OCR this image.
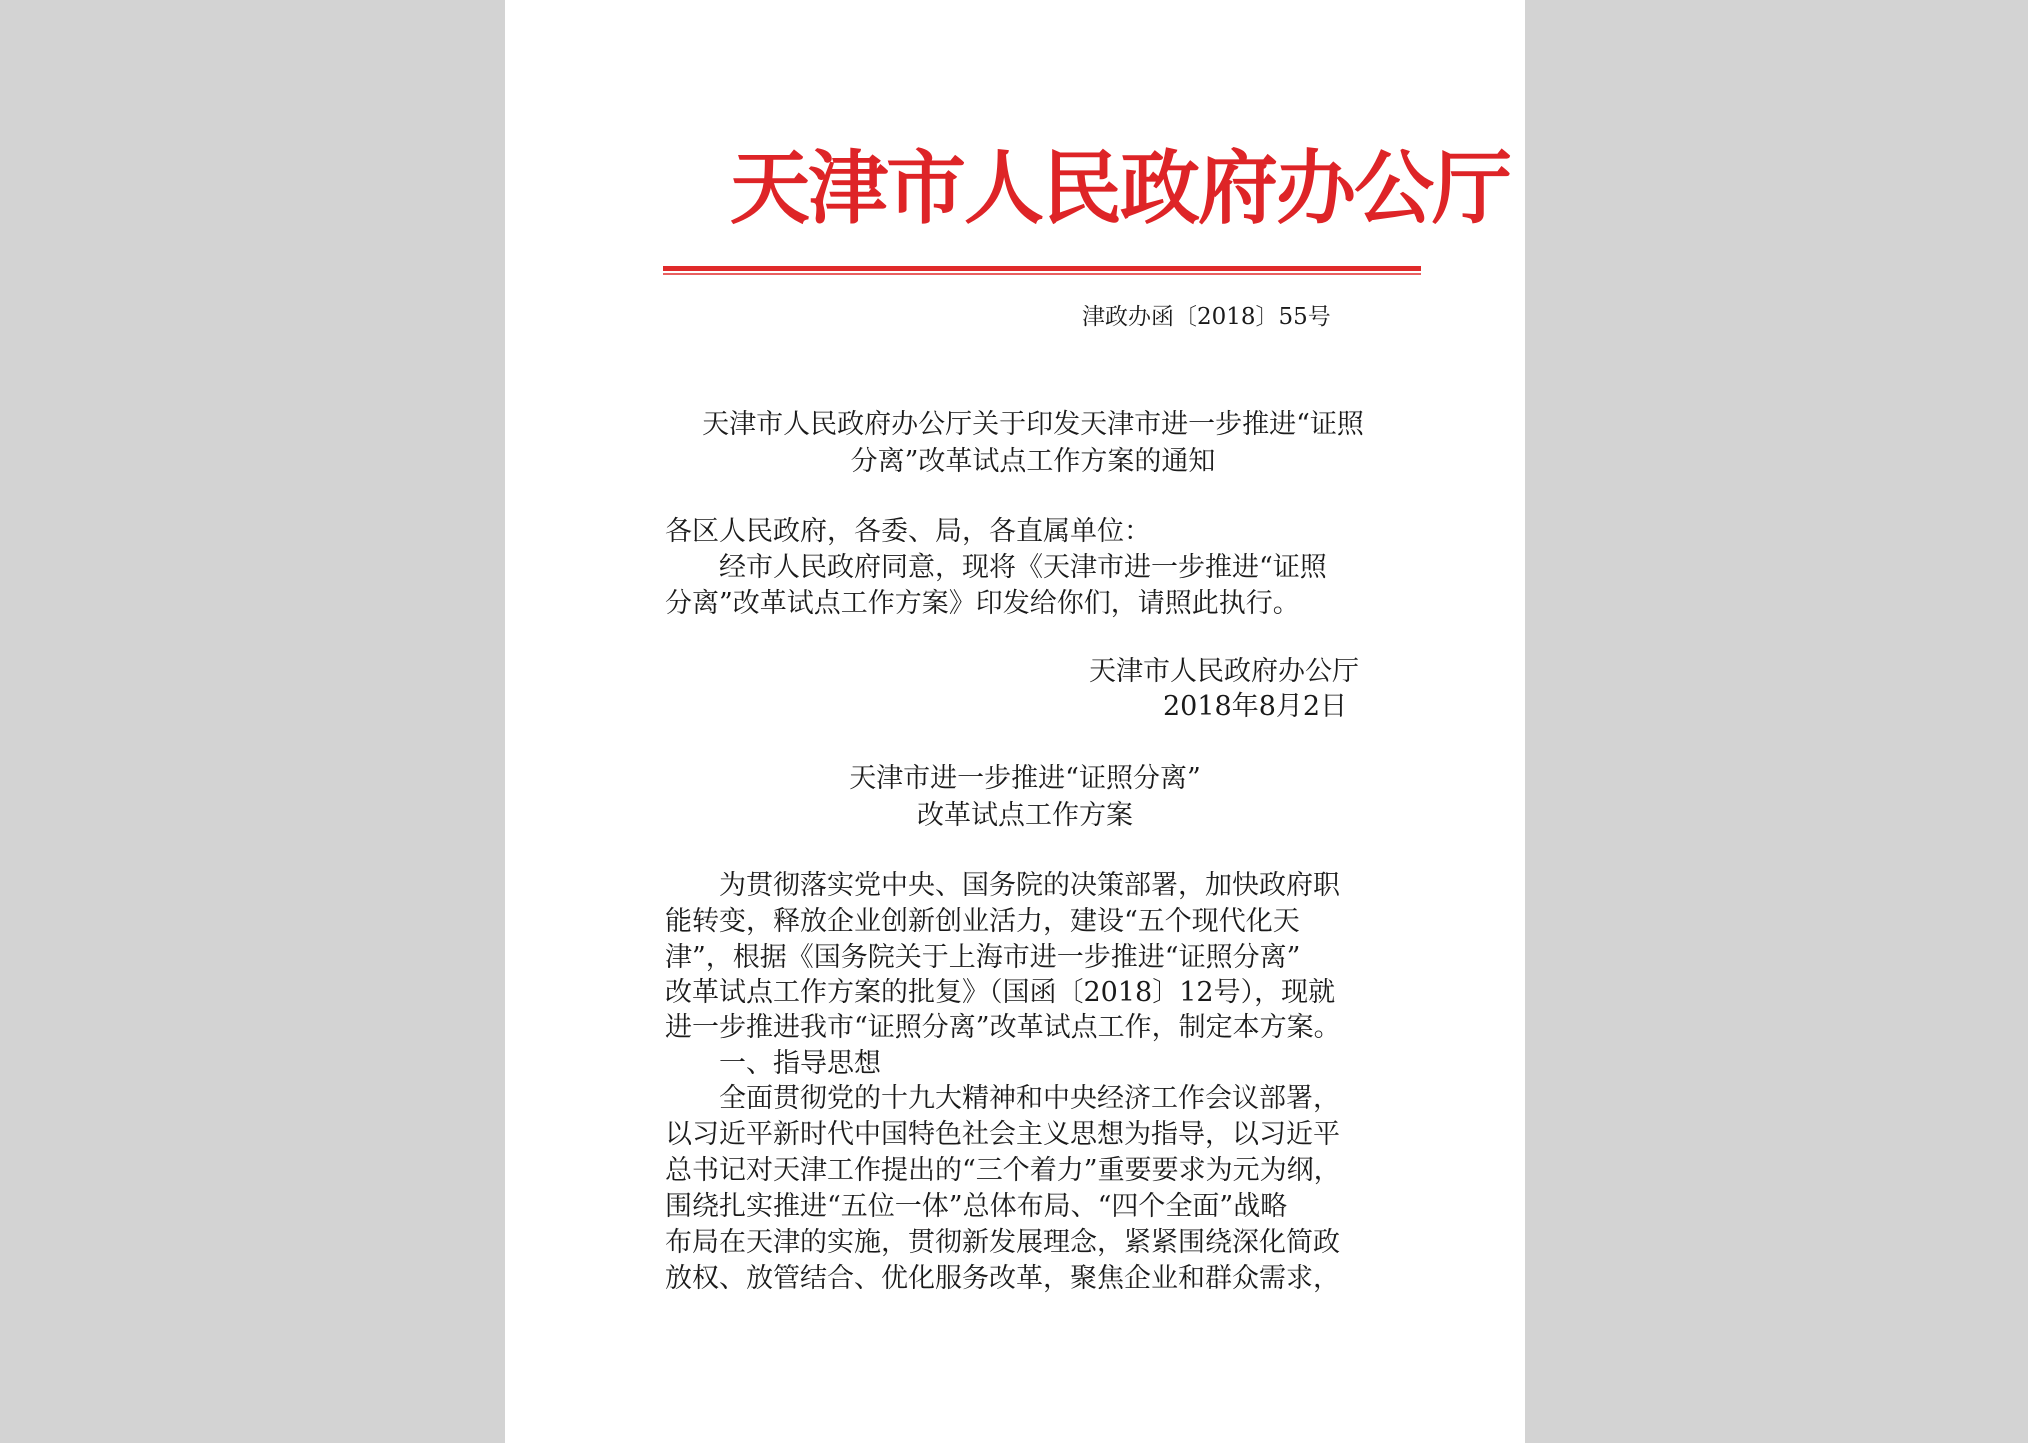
天津市人民政府办公厅
津政办函〔2018〕55号
天津市人民政府办公厅关于印发天津市进一步推进“证照
分离”改革试点工作方案的通知
各区人民政府，各委、局，各直属单位：
经市人民政府同意，现将《天津市进一步推进“证照
分离”改革试点工作方案》印发给你们，请照此执行。
天津市人民政府办公厅
2018年8月2日
天津市进一步推进“证照分离”
改革试点工作方案
为贯彻落实党中央、国务院的决策部署，加快政府职
能转变，释放企业创新创业活力，建设“五个现代化天
津”，根据《国务院关于上海市进一步推进“证照分离”
改革试点工作方案的批复》（国函〔2018〕12号），现就
进一步推进我市“证照分离”改革试点工作，制定本方案。
一、指导思想
全面贯彻党的十九大精神和中央经济工作会议部署，
以习近平新时代中国特色社会主义思想为指导，以习近平
总书记对天津工作提出的“三个着力”重要要求为元为纲，
围绕扎实推进“五位一体”总体布局、“四个全面”战略
布局在天津的实施，贯彻新发展理念，紧紧围绕深化简政
放权、放管结合、优化服务改革，聚焦企业和群众需求，
